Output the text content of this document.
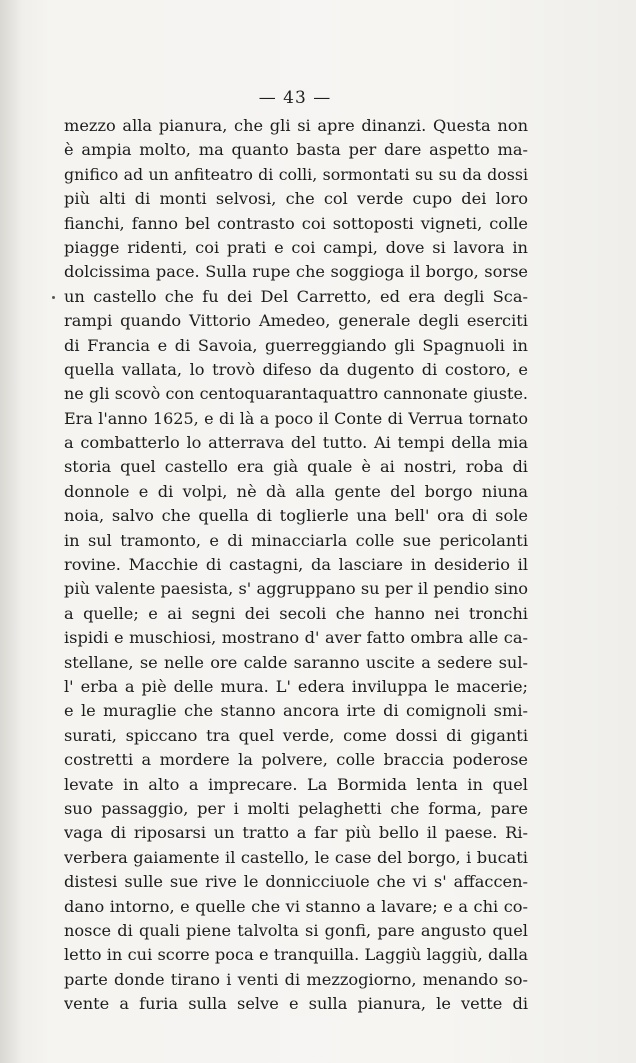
— 43 —
mezzo alla pianura, che gli si apre dinanzi. Questa non
è ampia molto, ma quanto basta per dare aspetto ma-
gnifico ad un anfiteatro di colli, sormontati su su da dossi
più alti di monti selvosi, che col verde cupo dei loro
fianchi, fanno bel contrasto coi sottoposti vigneti, colle
piagge ridenti, coi prati e coi campi, dove si lavora in
dolcissima pace. Sulla rupe che soggioga il borgo, sorse
un castello che fu dei Del Carretto, ed era degli Sca-
rampi quando Vittorio Amedeo, generale degli eserciti
di Francia e di Savoia, guerreggiando gli Spagnuoli in
quella vallata, lo trovò difeso da dugento di costoro, e
ne gli scovò con centoquarantaquattro cannonate giuste.
Era l'anno 1625, e di là a poco il Conte di Verrua tornato
a combatterlo lo atterrava del tutto. Ai tempi della mia
storia quel castello era già quale è ai nostri, roba di
donnole e di volpi, nè dà alla gente del borgo niuna
noia, salvo che quella di toglierle una bell' ora di sole
in sul tramonto, e di minacciarla colle sue pericolanti
rovine. Macchie di castagni, da lasciare in desiderio il
più valente paesista, s' aggruppano su per il pendio sino
a quelle; e ai segni dei secoli che hanno nei tronchi
ispidi e muschiosi, mostrano d' aver fatto ombra alle ca-
stellane, se nelle ore calde saranno uscite a sedere sul-
l' erba a piè delle mura. L' edera inviluppa le macerie;
e le muraglie che stanno ancora irte di comignoli smi-
surati, spiccano tra quel verde, come dossi di giganti
costretti a mordere la polvere, colle braccia poderose
levate in alto a imprecare. La Bormida lenta in quel
suo passaggio, per i molti pelaghetti che forma, pare
vaga di riposarsi un tratto a far più bello il paese. Ri-
verbera gaiamente il castello, le case del borgo, i bucati
distesi sulle sue rive le donnicciuole che vi s' affaccen-
dano intorno, e quelle che vi stanno a lavare; e a chi co-
nosce di quali piene talvolta si gonfi, pare angusto quel
letto in cui scorre poca e tranquilla. Laggiù laggiù, dalla
parte donde tirano i venti di mezzogiorno, menando so-
vente a furia sulla selve e sulla pianura, le vette di
